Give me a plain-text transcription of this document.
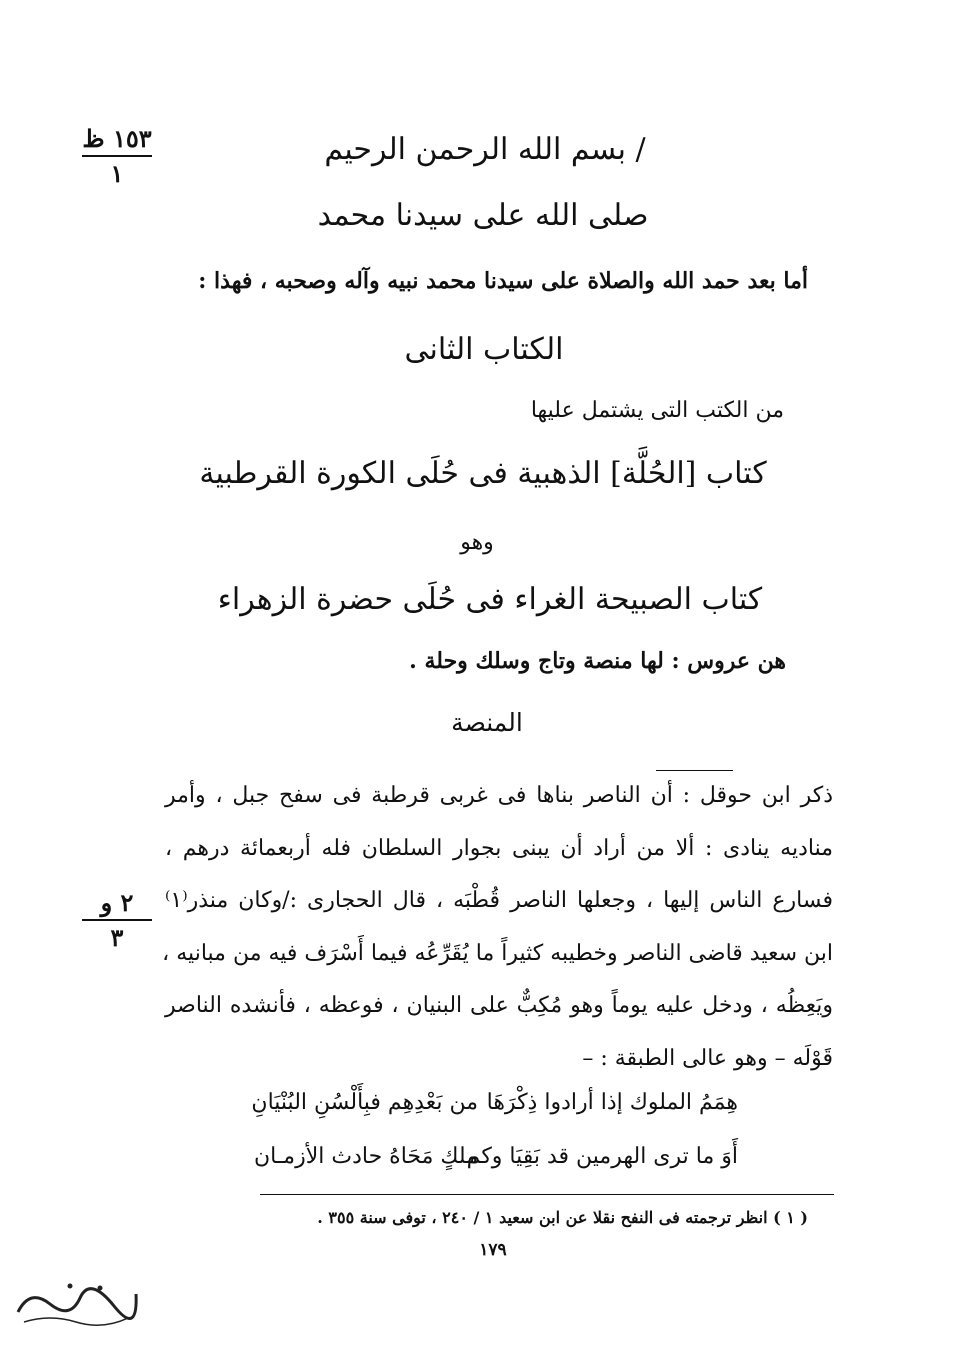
١٥٣ ظ
١
٢ و
٣
/ بسم الله الرحمن الرحيم
صلى الله على سيدنا محمد
أما بعد حمد الله والصلاة على سيدنا محمد نبيه وآله وصحبه ، فهذا :
الكتاب الثانى
من الكتب التى يشتمل عليها
كتاب [الحُلَّة] الذهبية فى حُلَى الكورة القرطبية
وهو
كتاب الصبيحة الغراء فى حُلَى حضرة الزهراء
هن عروس : لها منصة وتاج وسلك وحلة .
المنصة

ذكر ابن حوقل : أن الناصر بناها فى غربى قرطبة فى سفح جبل ، وأمر

مناديه ينادى : ألا من أراد أن يبنى بجوار السلطان فله أربعمائة درهم ،

فسارع الناس إليها ، وجعلها الناصر قُطْبَه ، قال الحجارى :/وكان منذر⁽١⁾

ابن سعيد قاضى الناصر وخطيبه كثيراً ما يُقَرِّعُه فيما أَسْرَف فيه من مبانيه ،

ويَعِظُه ، ودخل عليه يوماً وهو مُكِبٌّ على البنيان ، فوعظه ، فأنشده الناصر

قَوْلَه – وهو عالى الطبقة : –

هِمَمُ الملوك إذا أرادوا ذِكْرَهَا
من بَعْدِهِم فبِأَلْسُنِ البُنْيَانِ
أَوَ ما ترى الهرمين قد بَقِيَا وكم
ملكٍ مَحَاهُ حادث الأزمـان
( ١ ) انظر ترجمته فى النفح نقلا عن ابن سعيد ١ / ٢٤٠ ، توفى سنة ٣٥٥ .
١٧٩
